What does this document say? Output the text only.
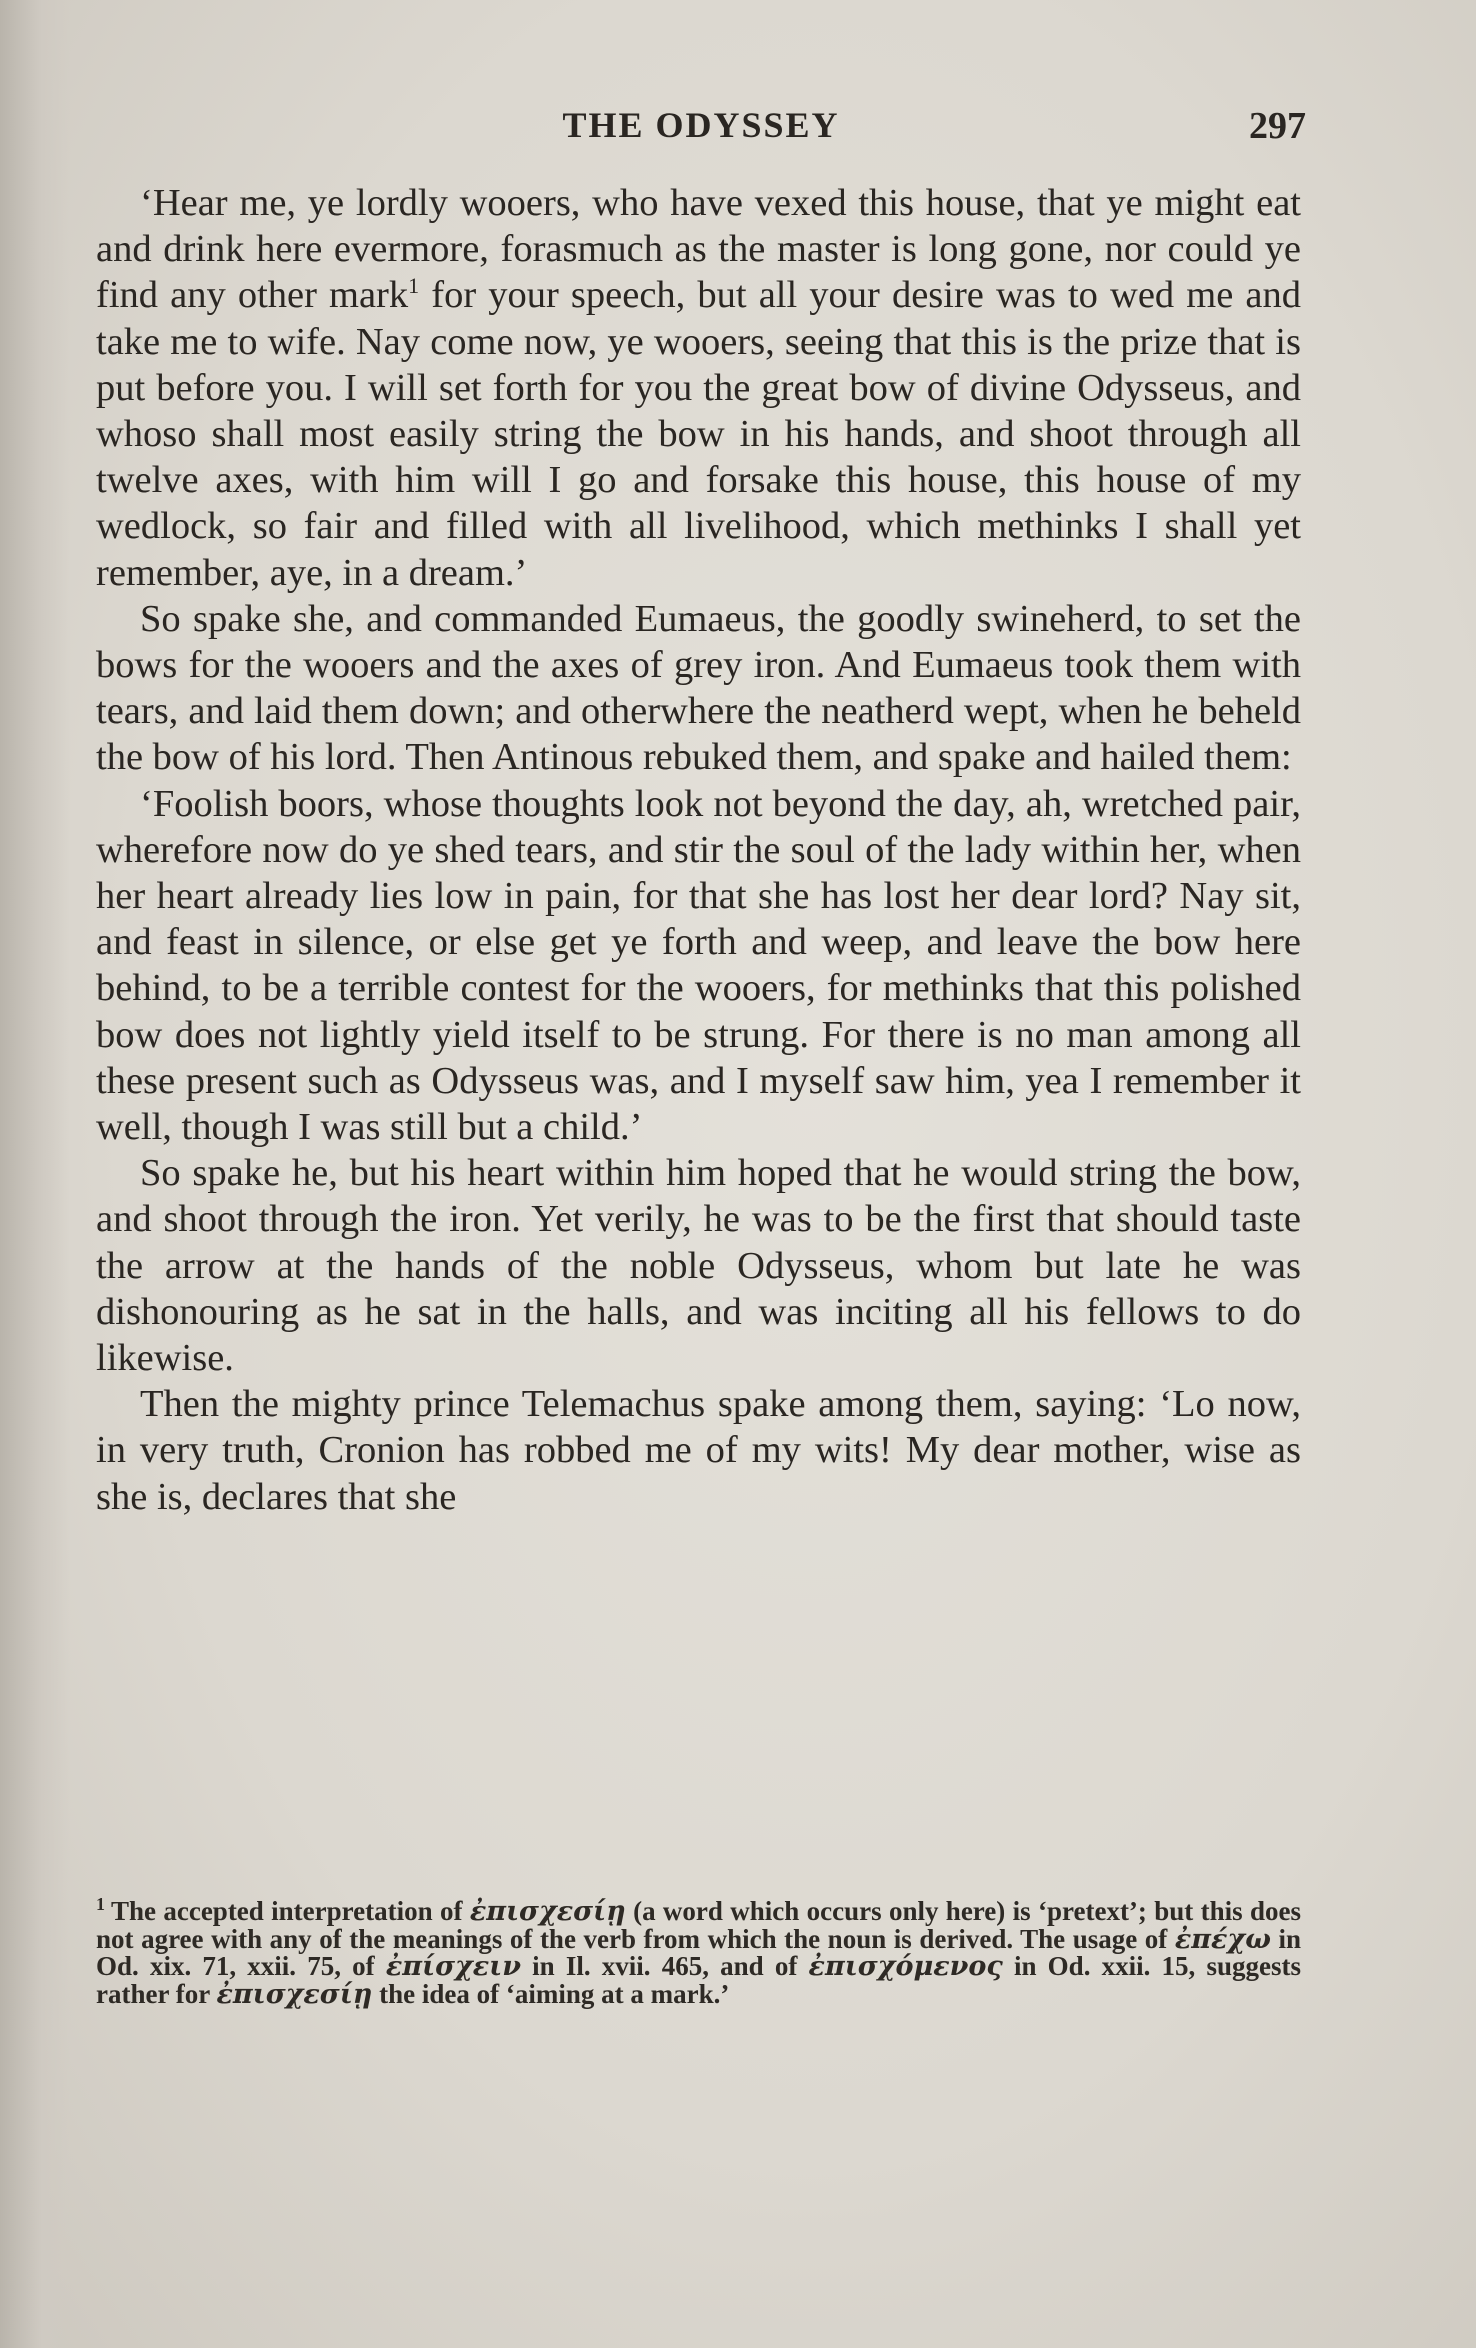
THE ODYSSEY	297

‘Hear me, ye lordly wooers, who have vexed this house, that ye might eat and drink here evermore, forasmuch as the master is long gone, nor could ye find any other mark$^1$ for your speech, but all your desire was to wed me and take me to wife. Nay come now, ye wooers, seeing that this is the prize that is put before you. I will set forth for you the great bow of divine Odysseus, and whoso shall most easily string the bow in his hands, and shoot through all twelve axes, with him will I go and forsake this house, this house of my wedlock, so fair and filled with all livelihood, which methinks I shall yet remember, aye, in a dream.’

So spake she, and commanded Eumaeus, the goodly swineherd, to set the bows for the wooers and the axes of grey iron. And Eumaeus took them with tears, and laid them down; and otherwhere the neatherd wept, when he beheld the bow of his lord. Then Antinous rebuked them, and spake and hailed them:

‘Foolish boors, whose thoughts look not beyond the day, ah, wretched pair, wherefore now do ye shed tears, and stir the soul of the lady within her, when her heart already lies low in pain, for that she has lost her dear lord? Nay sit, and feast in silence, or else get ye forth and weep, and leave the bow here behind, to be a terrible contest for the wooers, for methinks that this polished bow does not lightly yield itself to be strung. For there is no man among all these present such as Odysseus was, and I myself saw him, yea I remember it well, though I was still but a child.’

So spake he, but his heart within him hoped that he would string the bow, and shoot through the iron. Yet verily, he was to be the first that should taste the arrow at the hands of the noble Odysseus, whom but late he was dishonouring as he sat in the halls, and was inciting all his fellows to do likewise.

Then the mighty prince Telemachus spake among them, saying: ‘Lo now, in very truth, Cronion has robbed me of my wits! My dear mother, wise as she is, declares that she

$^1$ The accepted interpretation of ἐπισχεσίῃ (a word which occurs only here) is ‘pretext’; but this does not agree with any of the meanings of the verb from which the noun is derived. The usage of ἐπέχω in Od. xix. 71, xxii. 75, of ἐπίσχειν in Il. xvii. 465, and of ἐπισχόμενος in Od. xxii. 15, suggests rather for ἐπισχεσίῃ the idea of ‘aiming at a mark.’
